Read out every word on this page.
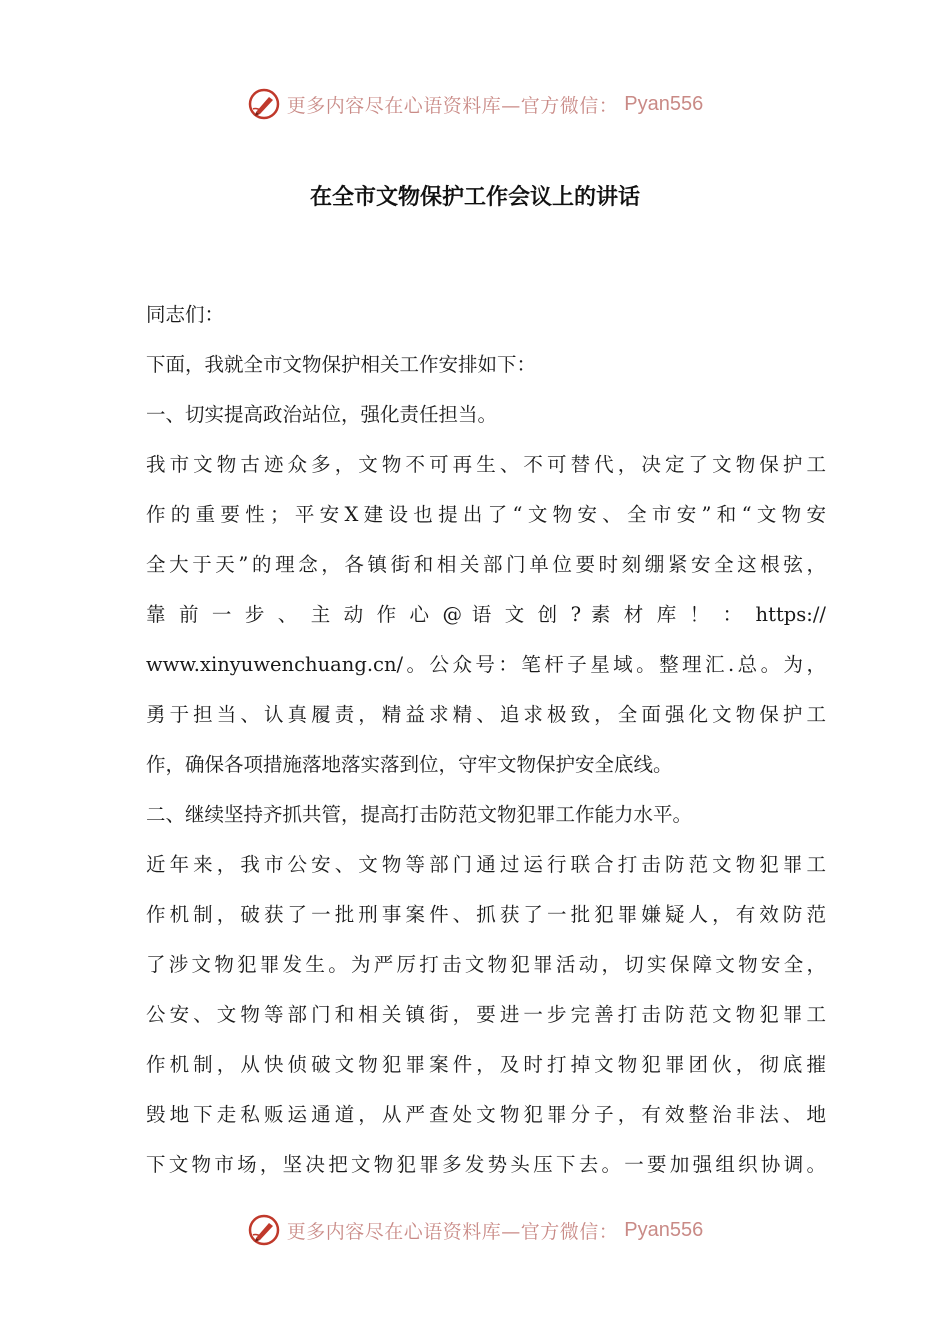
更多内容尽在心语资料库—官方微信： Pyan556
在全市文物保护工作会议上的讲话
同志们：
下面，我就全市文物保护相关工作安排如下：
一、切实提高政治站位，强化责任担当。
我市文物古迹众多，文物不可再生、不可替代，决定了文物保护工
作的重要性；平安X建设也提出了“文物安、全市安”和“文物安
全大于天”的理念，各镇街和相关部门单位要时刻绷紧安全这根弦，
靠 前 一 步 、 主 动 作 心 @ 语 文 创 ? 素 材 库 ！ ： https://
www.xinyuwenchuang.cn/。公众号：笔杆子星域。整理汇.总。为，
勇于担当、认真履责，精益求精、追求极致，全面强化文物保护工
作，确保各项措施落地落实落到位，守牢文物保护安全底线。
二、继续坚持齐抓共管，提高打击防范文物犯罪工作能力水平。
近年来，我市公安、文物等部门通过运行联合打击防范文物犯罪工
作机制，破获了一批刑事案件、抓获了一批犯罪嫌疑人，有效防范
了涉文物犯罪发生。为严厉打击文物犯罪活动，切实保障文物安全，
公安、文物等部门和相关镇街，要进一步完善打击防范文物犯罪工
作机制，从快侦破文物犯罪案件，及时打掉文物犯罪团伙，彻底摧
毁地下走私贩运通道，从严查处文物犯罪分子，有效整治非法、地
下文物市场，坚决把文物犯罪多发势头压下去。一要加强组织协调。
更多内容尽在心语资料库—官方微信： Pyan556
